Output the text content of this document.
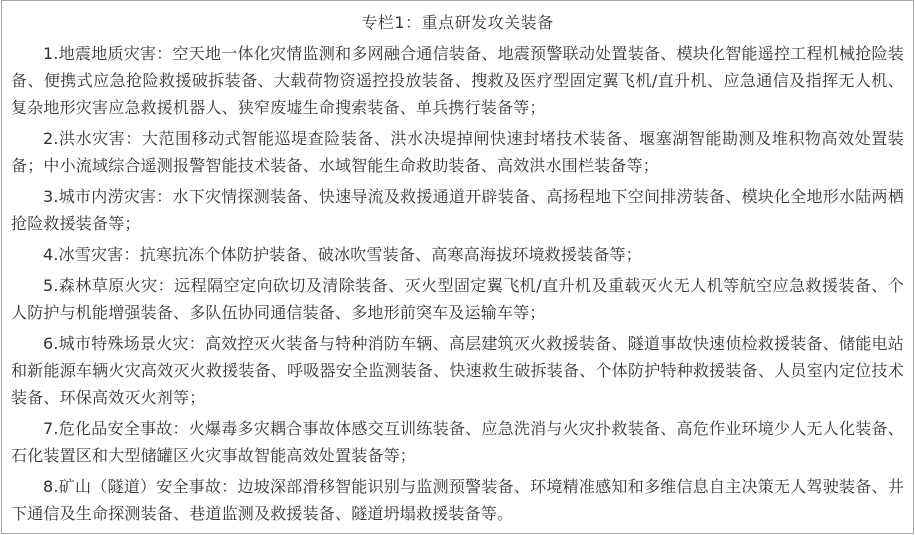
专栏1：重点研发攻关装备

1.地震地质灾害：空天地一体化灾情监测和多网融合通信装备、地震预警联动处置装备、模块化智能遥控工程机械抢险装备、便携式应急抢险救援破拆装备、大载荷物资遥控投放装备、搜救及医疗型固定翼飞机/直升机、应急通信及指挥无人机、复杂地形灾害应急救援机器人、狭窄废墟生命搜索装备、单兵携行装备等；

2.洪水灾害：大范围移动式智能巡堤查险装备、洪水决堤掉闸快速封堵技术装备、堰塞湖智能勘测及堆积物高效处置装备；中小流域综合遥测报警智能技术装备、水域智能生命救助装备、高效洪水围栏装备等；

3.城市内涝灾害：水下灾情探测装备、快速导流及救援通道开辟装备、高扬程地下空间排涝装备、模块化全地形水陆两栖抢险救援装备等；

4.冰雪灾害：抗寒抗冻个体防护装备、破冰吹雪装备、高寒高海拔环境救援装备等；

5.森林草原火灾：远程隔空定向砍切及清除装备、灭火型固定翼飞机/直升机及重载灭火无人机等航空应急救援装备、个人防护与机能增强装备、多队伍协同通信装备、多地形前突车及运输车等；

6.城市特殊场景火灾：高效控灭火装备与特种消防车辆、高层建筑灭火救援装备、隧道事故快速侦检救援装备、储能电站和新能源车辆火灾高效灭火救援装备、呼吸器安全监测装备、快速救生破拆装备、个体防护特种救援装备、人员室内定位技术装备、环保高效灭火剂等；

7.危化品安全事故：火爆毒多灾耦合事故体感交互训练装备、应急洗消与火灾扑救装备、高危作业环境少人无人化装备、石化装置区和大型储罐区火灾事故智能高效处置装备等；

8.矿山（隧道）安全事故：边坡深部滑移智能识别与监测预警装备、环境精准感知和多维信息自主决策无人驾驶装备、井下通信及生命探测装备、巷道监测及救援装备、隧道坍塌救援装备等。
